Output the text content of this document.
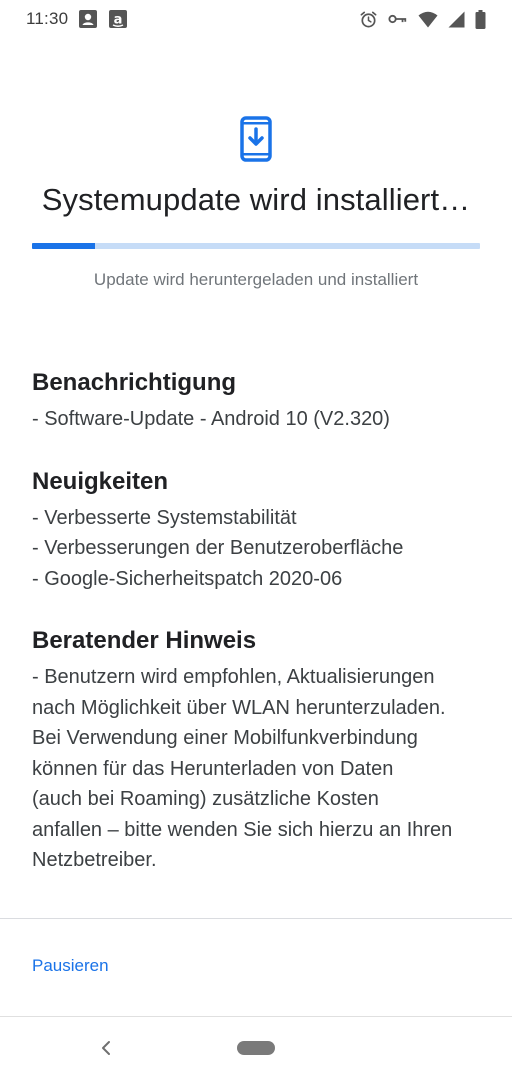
11:30	a
Systemupdate wird installiert…
Update wird heruntergeladen und installiert
Benachrichtigung

- Software-Update - Android 10 (V2.320)

Neuigkeiten

- Verbesserte Systemstabilität

- Verbesserungen der Benutzeroberfläche

- Google-Sicherheitspatch 2020-06

Beratender Hinweis

- Benutzern wird empfohlen, Aktualisierungen

nach Möglichkeit über WLAN herunterzuladen.

Bei Verwendung einer Mobilfunkverbindung

können für das Herunterladen von Daten

(auch bei Roaming) zusätzliche Kosten

anfallen – bitte wenden Sie sich hierzu an Ihren

Netzbetreiber.

Pausieren
